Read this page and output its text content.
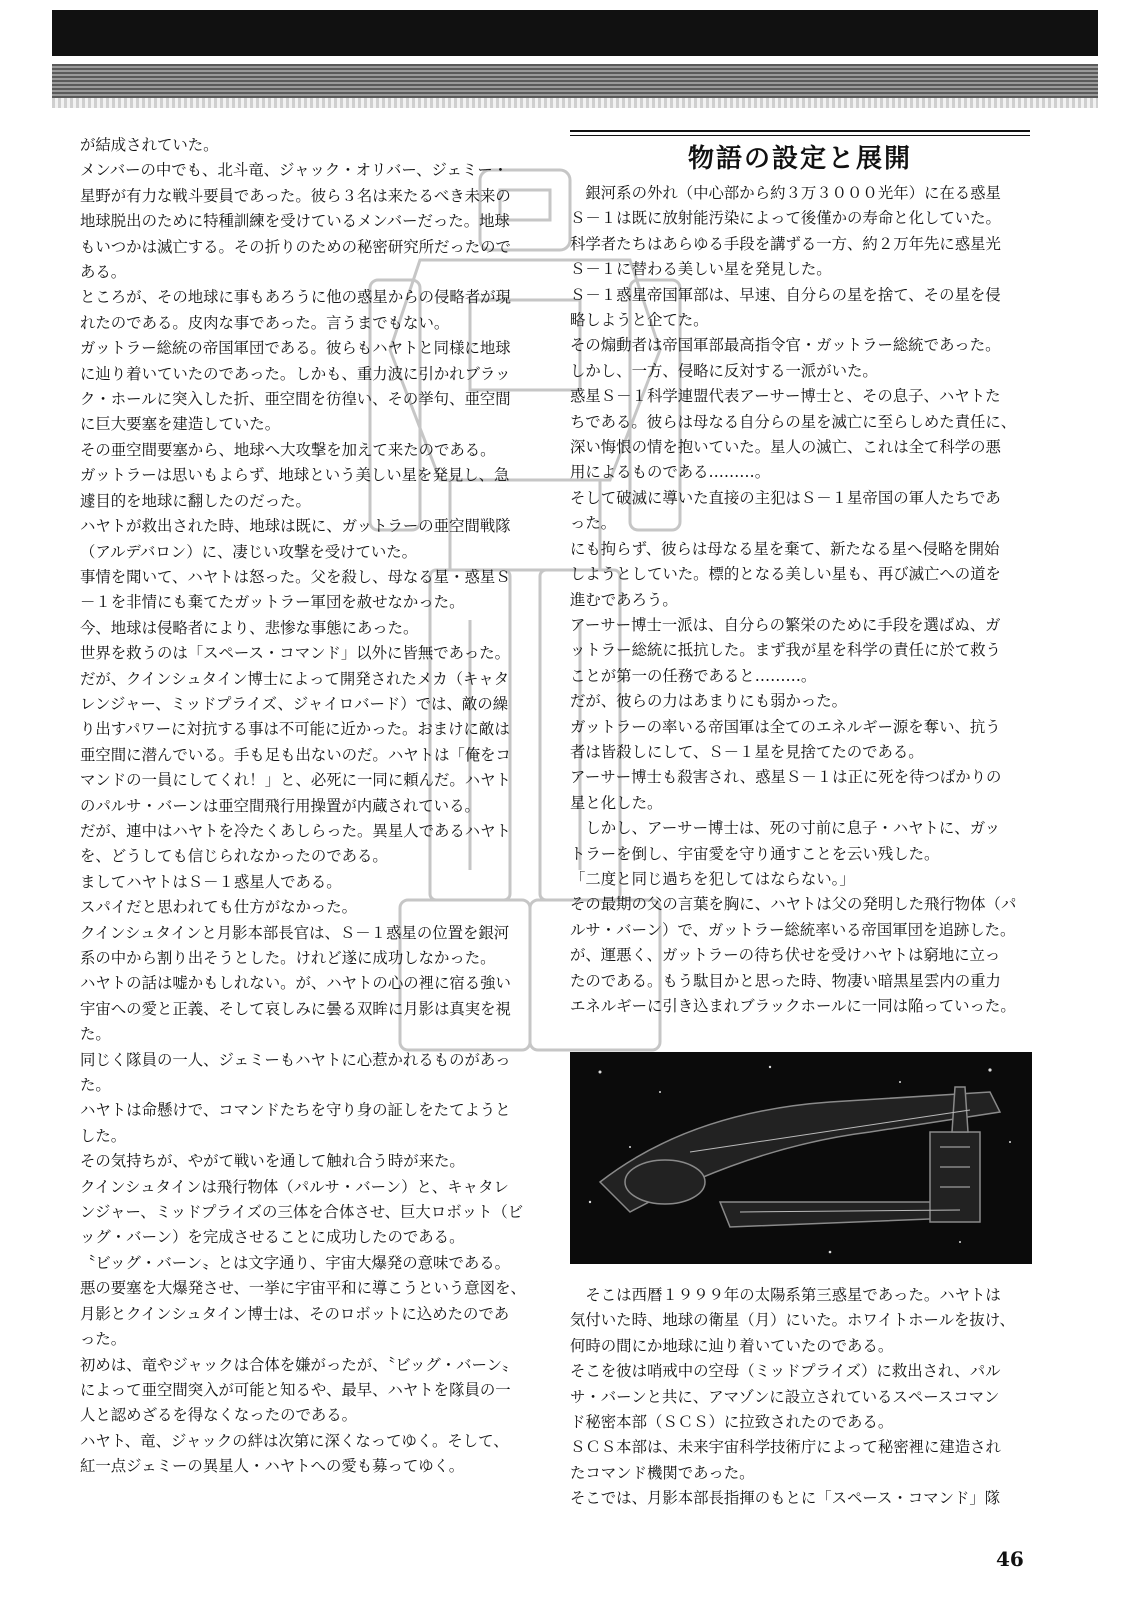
が結成されていた。

メンバーの中でも、北斗竜、ジャック・オリバー、ジェミー・

星野が有力な戦斗要員であった。彼ら３名は来たるべき未来の

地球脱出のために特種訓練を受けているメンバーだった。地球

もいつかは滅亡する。その折りのための秘密研究所だったので

ある。

ところが、その地球に事もあろうに他の惑星からの侵略者が現

れたのである。皮肉な事であった。言うまでもない。

ガットラー総統の帝国軍団である。彼らもハヤトと同様に地球

に辿り着いていたのであった。しかも、重力波に引かれブラッ

ク・ホールに突入した折、亜空間を彷徨い、その挙句、亜空間

に巨大要塞を建造していた。

その亜空間要塞から、地球へ大攻撃を加えて来たのである。

ガットラーは思いもよらず、地球という美しい星を発見し、急

遽目的を地球に翻したのだった。

ハヤトが救出された時、地球は既に、ガットラーの亜空間戦隊

（アルデバロン）に、凄じい攻撃を受けていた。

事情を聞いて、ハヤトは怒った。父を殺し、母なる星・惑星Ｓ

－１を非情にも棄てたガットラー軍団を赦せなかった。

今、地球は侵略者により、悲惨な事態にあった。

世界を救うのは「スペース・コマンド」以外に皆無であった。

だが、クインシュタイン博士によって開発されたメカ（キャタ

レンジャー、ミッドプライズ、ジャイロバード）では、敵の繰

り出すパワーに対抗する事は不可能に近かった。おまけに敵は

亜空間に潜んでいる。手も足も出ないのだ。ハヤトは「俺をコ

マンドの一員にしてくれ！」と、必死に一同に頼んだ。ハヤト

のパルサ・バーンは亜空間飛行用操置が内蔵されている。

だが、連中はハヤトを冷たくあしらった。異星人であるハヤト

を、どうしても信じられなかったのである。

ましてハヤトはＳ－１惑星人である。

スパイだと思われても仕方がなかった。

クインシュタインと月影本部長官は、Ｓ－１惑星の位置を銀河

系の中から割り出そうとした。けれど遂に成功しなかった。

ハヤトの話は嘘かもしれない。が、ハヤトの心の裡に宿る強い

宇宙への愛と正義、そして哀しみに曇る双眸に月影は真実を視

た。

同じく隊員の一人、ジェミーもハヤトに心惹かれるものがあっ

た。

ハヤトは命懸けで、コマンドたちを守り身の証しをたてようと

した。

その気持ちが、やがて戦いを通して触れ合う時が来た。

クインシュタインは飛行物体（パルサ・バーン）と、キャタレ

ンジャー、ミッドプライズの三体を合体させ、巨大ロボット（ビ

ッグ・バーン）を完成させることに成功したのである。

〝ビッグ・バーン〟とは文字通り、宇宙大爆発の意味である。

悪の要塞を大爆発させ、一挙に宇宙平和に導こうという意図を、

月影とクインシュタイン博士は、そのロボットに込めたのであ

った。

初めは、竜やジャックは合体を嫌がったが、〝ビッグ・バーン〟

によって亜空間突入が可能と知るや、最早、ハヤトを隊員の一

人と認めざるを得なくなったのである。

ハヤト、竜、ジャックの絆は次第に深くなってゆく。そして、

紅一点ジェミーの異星人・ハヤトへの愛も募ってゆく。

物語の設定と展開

　銀河系の外れ（中心部から約３万３０００光年）に在る惑星

Ｓ－１は既に放射能汚染によって後僅かの寿命と化していた。

科学者たちはあらゆる手段を講ずる一方、約２万年先に惑星光

Ｓ－１に替わる美しい星を発見した。

Ｓ－１惑星帝国軍部は、早速、自分らの星を捨て、その星を侵

略しようと企てた。

その煽動者は帝国軍部最高指令官・ガットラー総統であった。

しかし、一方、侵略に反対する一派がいた。

惑星Ｓ－１科学連盟代表アーサー博士と、その息子、ハヤトた

ちである。彼らは母なる自分らの星を滅亡に至らしめた責任に、

深い悔恨の情を抱いていた。星人の滅亡、これは全て科学の悪

用によるものである………。

そして破滅に導いた直接の主犯はＳ－１星帝国の軍人たちであ

った。

にも拘らず、彼らは母なる星を棄て、新たなる星へ侵略を開始

しようとしていた。標的となる美しい星も、再び滅亡への道を

進むであろう。

アーサー博士一派は、自分らの繁栄のために手段を選ばぬ、ガ

ットラー総統に抵抗した。まず我が星を科学の責任に於て救う

ことが第一の任務であると………。

だが、彼らの力はあまりにも弱かった。

ガットラーの率いる帝国軍は全てのエネルギー源を奪い、抗う

者は皆殺しにして、Ｓ－１星を見捨てたのである。

アーサー博士も殺害され、惑星Ｓ－１は正に死を待つばかりの

星と化した。

　しかし、アーサー博士は、死の寸前に息子・ハヤトに、ガッ

トラーを倒し、宇宙愛を守り通すことを云い残した。

「二度と同じ過ちを犯してはならない。」

その最期の父の言葉を胸に、ハヤトは父の発明した飛行物体（パ

ルサ・バーン）で、ガットラー総統率いる帝国軍団を追跡した。

が、運悪く、ガットラーの待ち伏せを受けハヤトは窮地に立っ

たのである。もう駄目かと思った時、物凄い暗黒星雲内の重力

エネルギーに引き込まれブラックホールに一同は陥っていった。

　そこは西暦１９９９年の太陽系第三惑星であった。ハヤトは

気付いた時、地球の衛星（月）にいた。ホワイトホールを抜け、

何時の間にか地球に辿り着いていたのである。

そこを彼は哨戒中の空母（ミッドプライズ）に救出され、パル

サ・バーンと共に、アマゾンに設立されているスペースコマン

ド秘密本部（ＳＣＳ）に拉致されたのである。

ＳＣＳ本部は、未来宇宙科学技術庁によって秘密裡に建造され

たコマンド機関であった。

そこでは、月影本部長指揮のもとに「スペース・コマンド」隊

46
